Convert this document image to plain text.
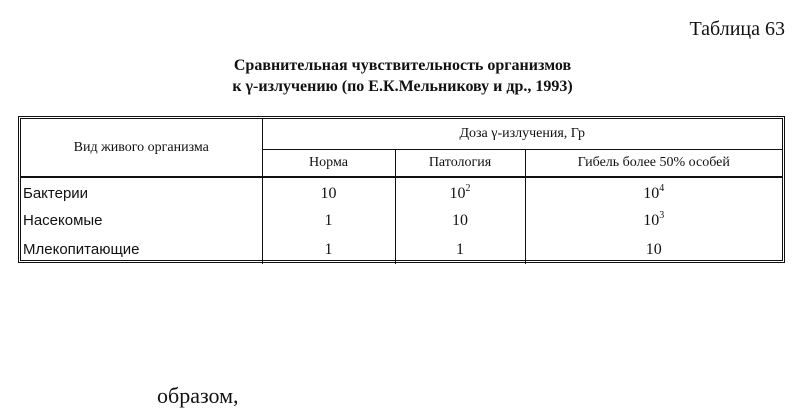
Таблица 63
Сравнительная чувствительность организмов
к γ-излучению (по Е.К.Мельникову и др., 1993)
Вид живого организма	Доза γ-излучения, Гр		
	Норма	Патология	Гибель более 50% особей
Бактерии	10	$10^2$	$10^4$
Насекомые	1	10	$10^3$
Млекопитающие	1	1	10
образом,
